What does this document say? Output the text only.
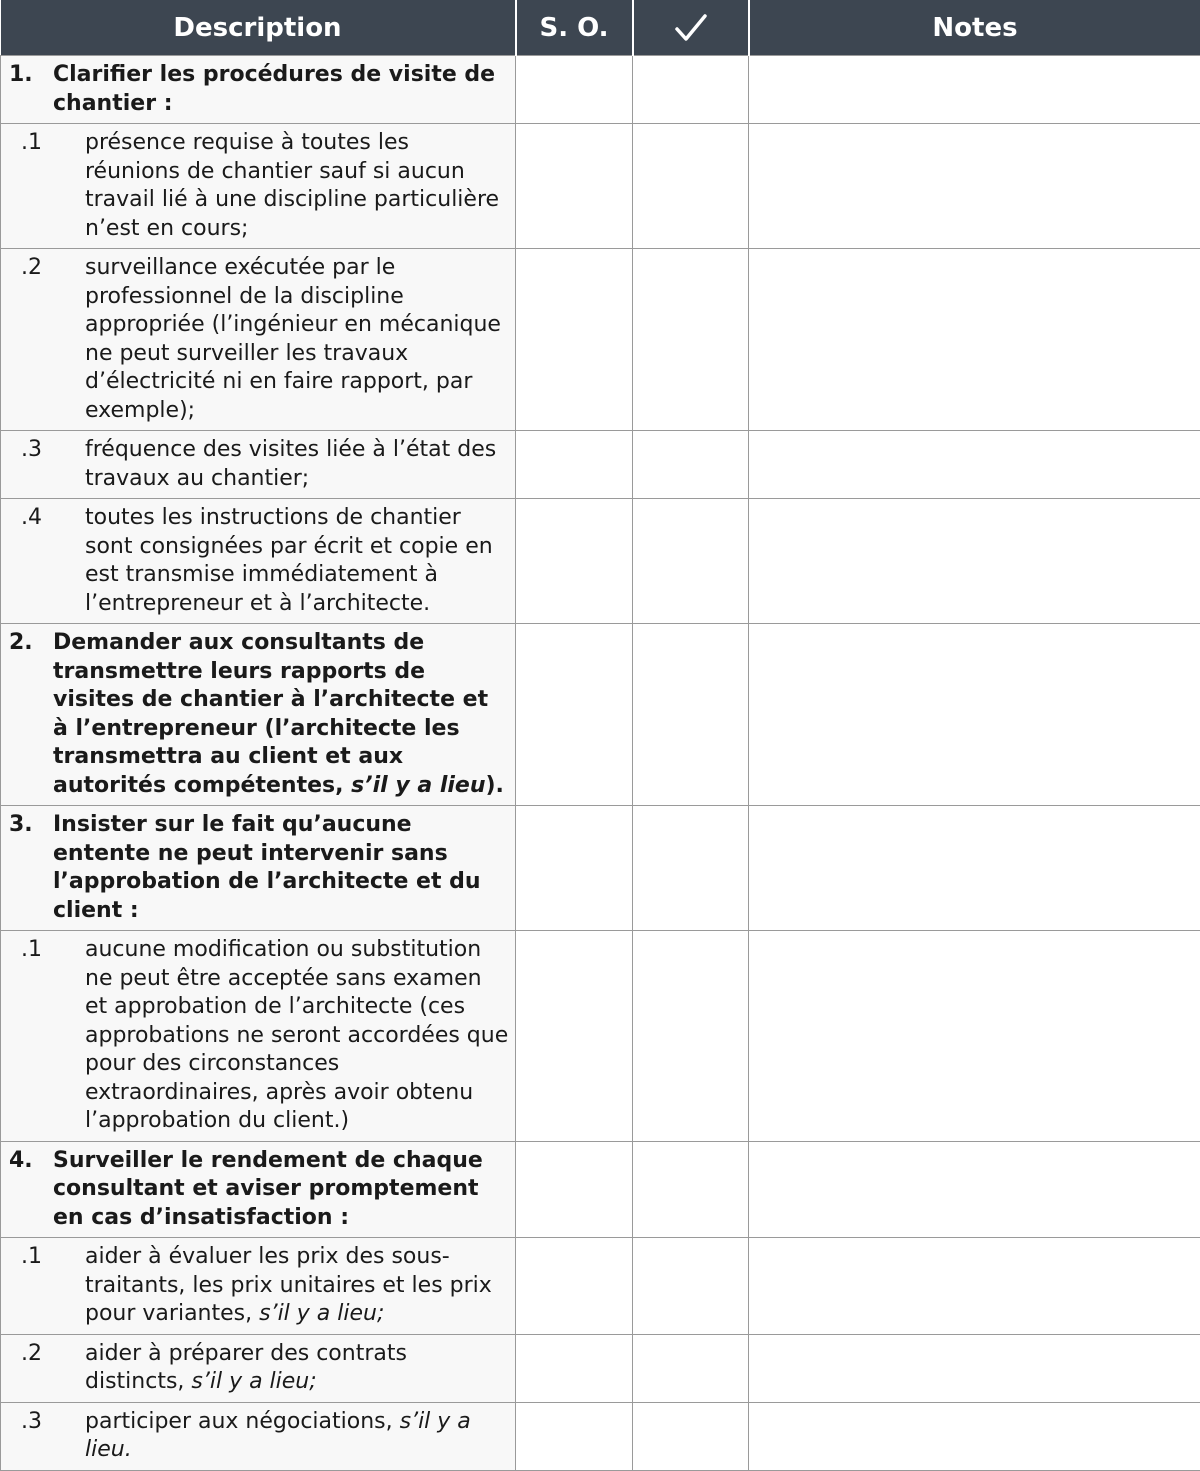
Description	S. O.		Notes

1. Clarifier les procédures de visite de chantier :			

.1 présence requise à toutes les réunions de chantier sauf si aucun travail lié à une discipline particulière n’est en cours;			

.2 surveillance exécutée par le professionnel de la discipline appropriée (l’ingénieur en mécanique ne peut surveiller les travaux d’électricité ni en faire rapport, par exemple);			

.3 fréquence des visites liée à l’état des travaux au chantier;			

.4 toutes les instructions de chantier sont consignées par écrit et copie en est transmise immédiatement à l’entrepreneur et à l’architecte.			

2. Demander aux consultants de transmettre leurs rapports de visites de chantier à l’architecte et à l’entrepreneur (l’architecte les transmettra au client et aux autorités compétentes, s’il y a lieu).			

3. Insister sur le fait qu’aucune entente ne peut intervenir sans l’approbation de l’architecte et du client :			

.1 aucune modification ou substitution ne peut être acceptée sans examen et approbation de l’architecte (ces approbations ne seront accordées que pour des circonstances extraordinaires, après avoir obtenu l’approbation du client.)			

4. Surveiller le rendement de chaque consultant et aviser promptement en cas d’insatisfaction :			

.1 aider à évaluer les prix des sous-traitants, les prix unitaires et les prix pour variantes, s’il y a lieu;			

.2 aider à préparer des contrats distincts, s’il y a lieu;			

.3 participer aux négociations, s’il y a lieu.			
